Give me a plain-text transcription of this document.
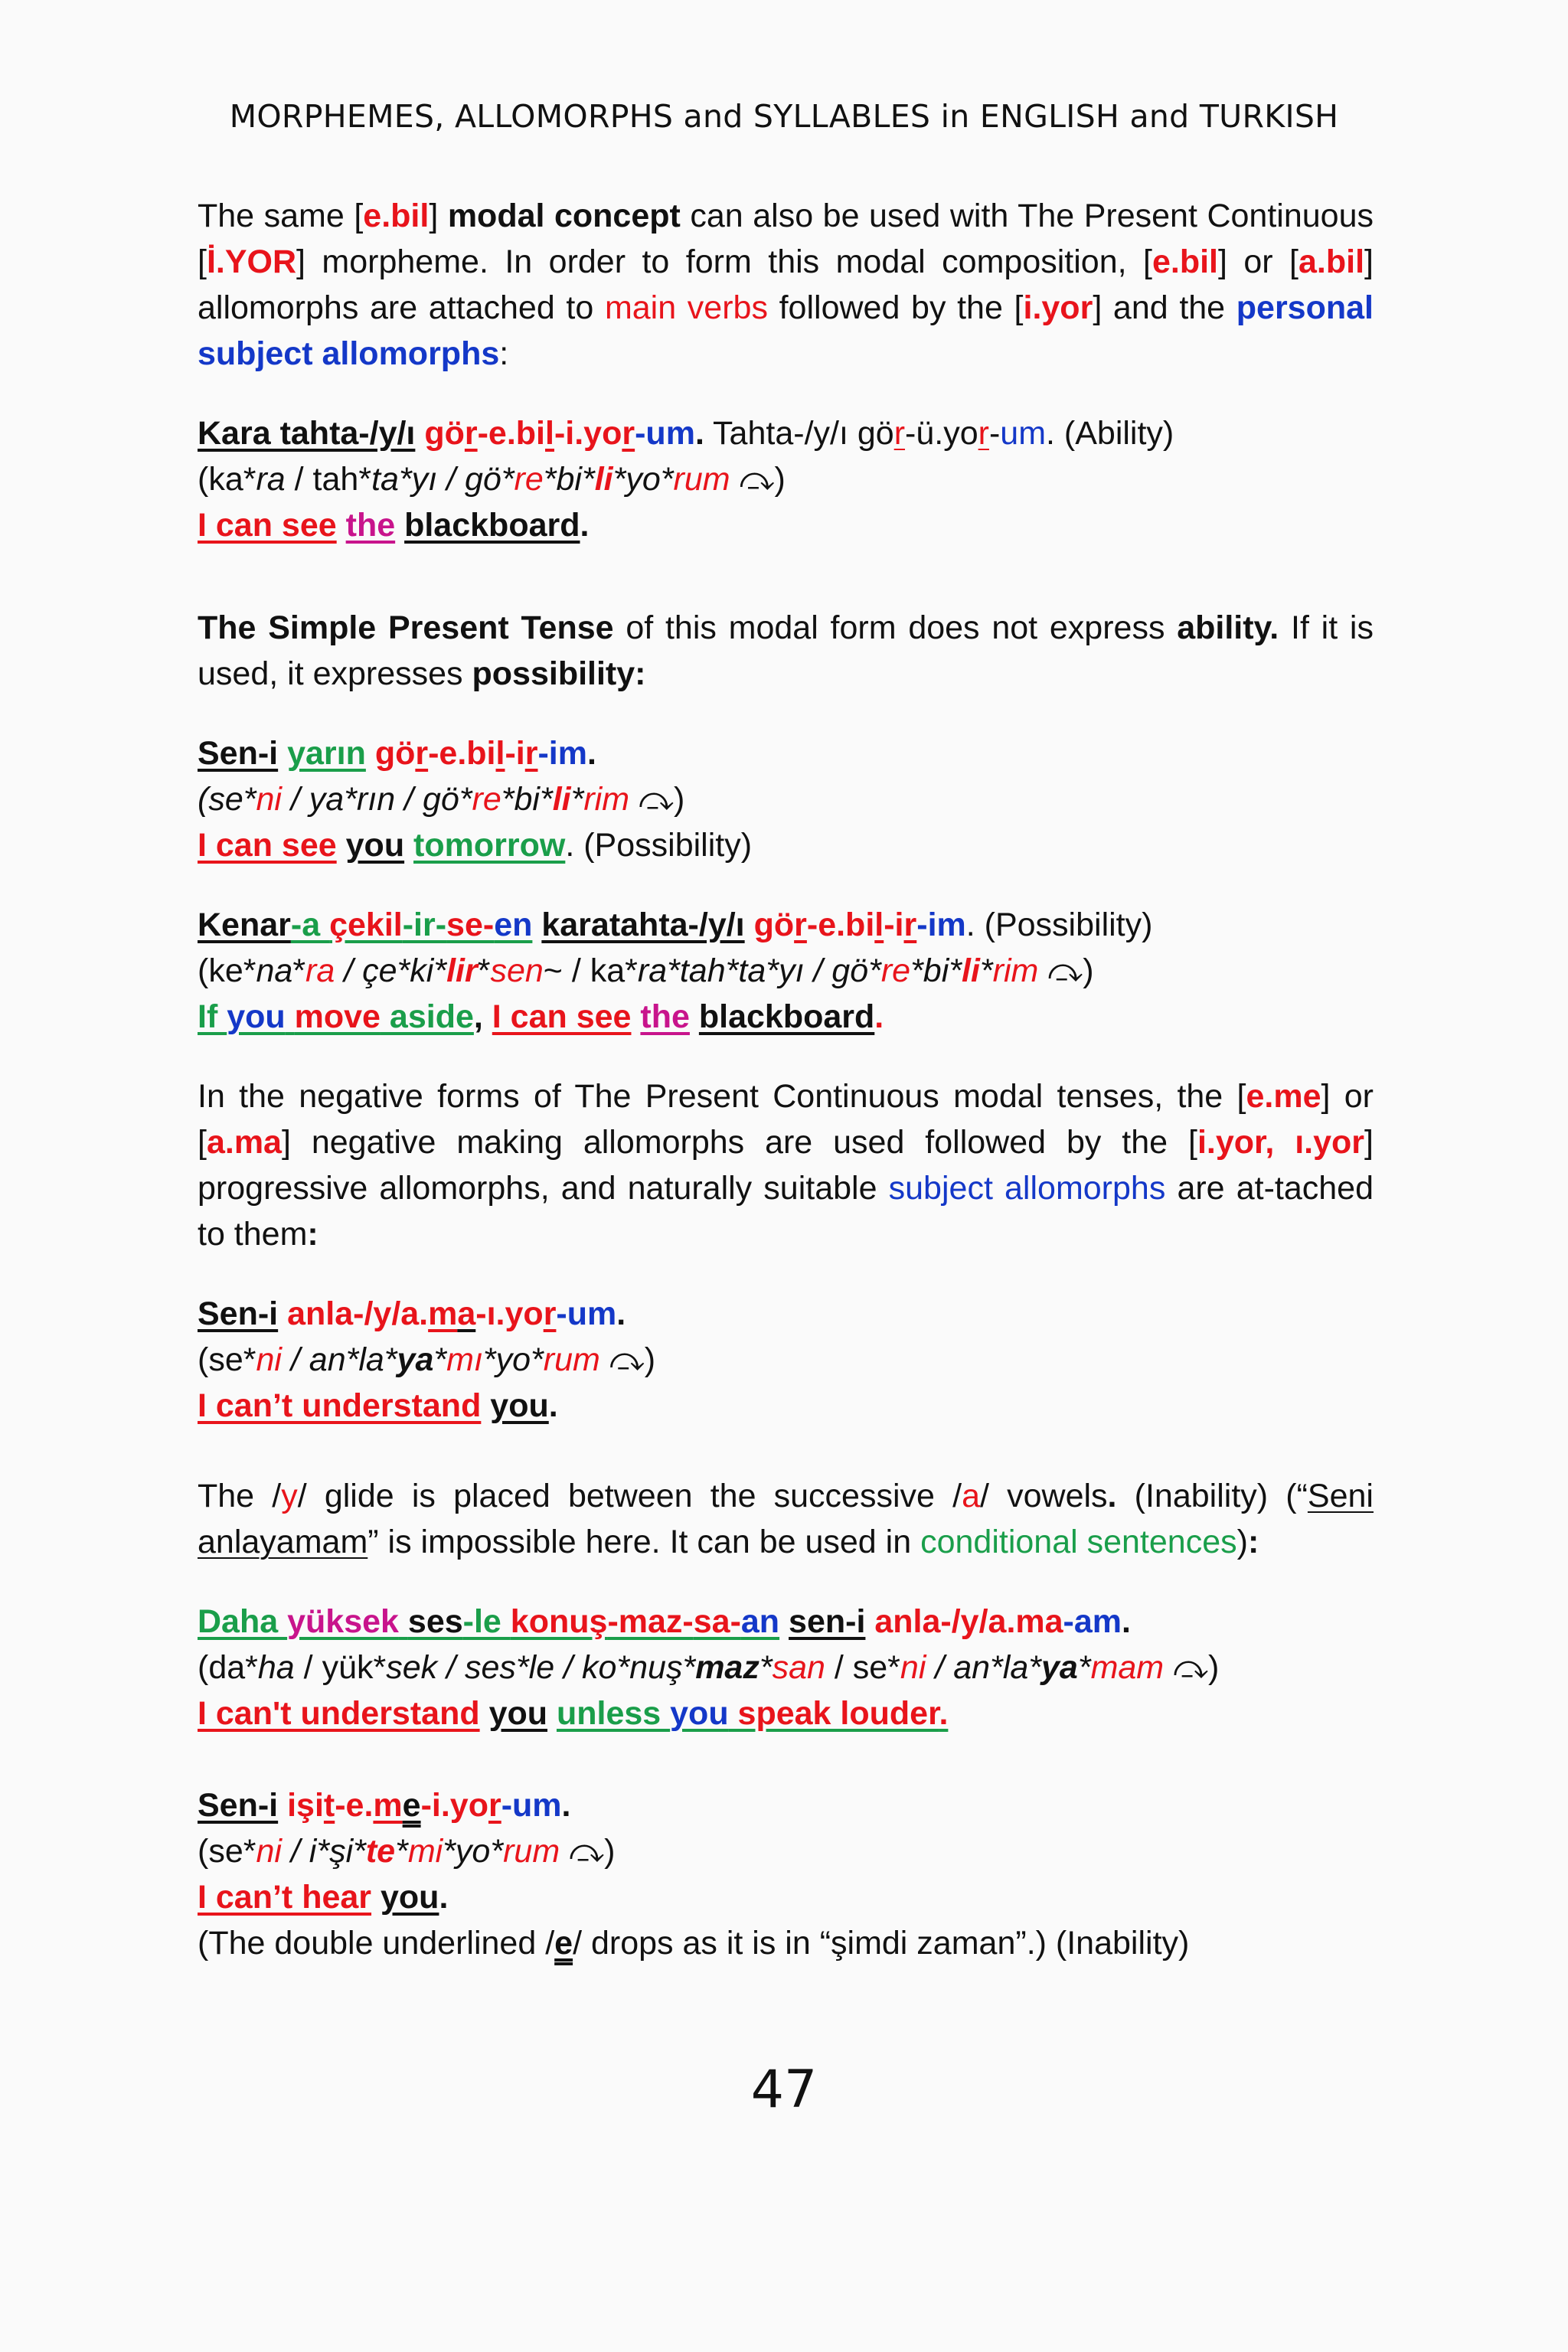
MORPHEMES, ALLOMORPHS and SYLLABLES in ENGLISH and TURKISH

The same [e.bil] modal concept can also be used with The Present Continuous [İ.YOR] morpheme. In order to form this modal composition, [e.bil] or [a.bil] allomorphs are attached to main verbs followed by the [i.yor] and the personal subject allomorphs:

Kara tahta-/y/ı gör-e.bil-i.yor-um. Tahta-/y/ı gör-ü.yor-um. (Ability)
(ka*ra / tah*ta*yı / gö*re*bi*li*yo*rum ⤼)
I can see the blackboard.

The Simple Present Tense of this modal form does not express ability. If it is used, it expresses possibility:

Sen-i yarın gör-e.bil-ir-im.
(se*ni / ya*rın / gö*re*bi*li*rim ⤼)
I can see you tomorrow. (Possibility)
Kenar-a çekil-ir-se-en karatahta-/y/ı gör-e.bil-ir-im. (Possibility)
(ke*na*ra / çe*ki*lir*sen~ / ka*ra*tah*ta*yı / gö*re*bi*li*rim ⤼)
If you move aside, I can see the blackboard.

In the negative forms of The Present Continuous modal tenses, the [e.me] or [a.ma] negative making allomorphs are used followed by the [i.yor, ı.yor] progressive allomorphs, and naturally suitable subject allomorphs are at-tached to them:

Sen-i anla-/y/a.ma-ı.yor-um.
(se*ni / an*la*ya*mı*yo*rum ⤼)
I can’t understand you.

The /y/ glide is placed between the successive /a/ vowels. (Inability) (“Seni anlayamam” is impossible here. It can be used in conditional sentences):

Daha yüksek ses-le konuş-maz-sa-an sen-i anla-/y/a.ma-am.
(da*ha / yük*sek / ses*le / ko*nuş*maz*san / se*ni / an*la*ya*mam ⤼)
I can't understand you unless you speak louder.
Sen-i işit-e.me-i.yor-um.
(se*ni / i*şi*te*mi*yo*rum ⤼)
I can’t hear you.
(The double underlined /e/ drops as it is in “şimdi zaman”.) (Inability)
47
